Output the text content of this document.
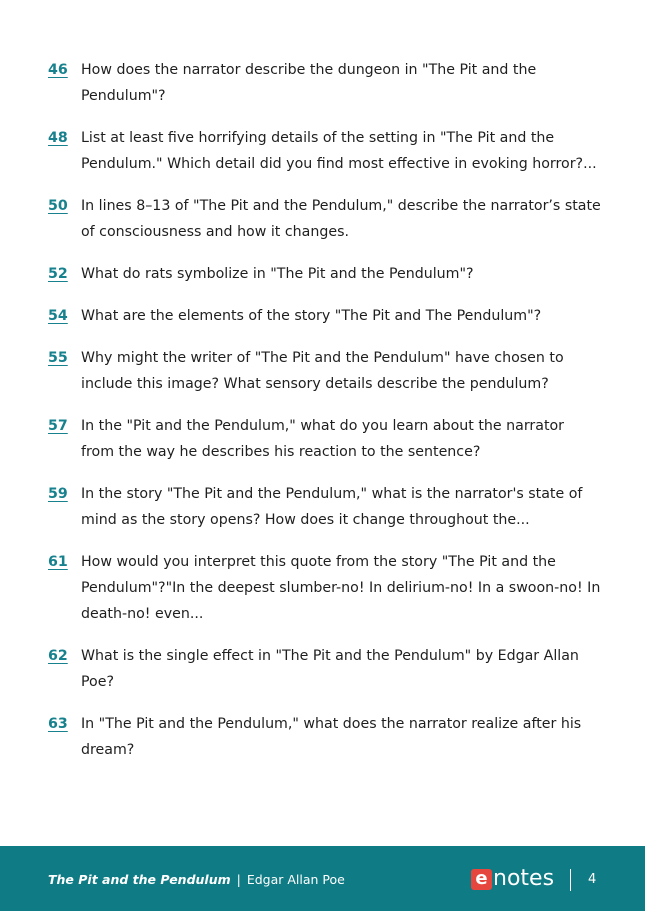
46 How does the narrator describe the dungeon in "The Pit and the Pendulum"?
48 List at least five horrifying details of the setting in "The Pit and the Pendulum." Which detail did you find most effective in evoking horror?...
50 In lines 8–13 of "The Pit and the Pendulum," describe the narrator’s state of consciousness and how it changes.
52 What do rats symbolize in "The Pit and the Pendulum"?
54 What are the elements of the story "The Pit and The Pendulum"?
55 Why might the writer of "The Pit and the Pendulum" have chosen to include this image? What sensory details describe the pendulum?
57 In the "Pit and the Pendulum," what do you learn about the narrator from the way he describes his reaction to the sentence?
59 In the story "The Pit and the Pendulum," what is the narrator's state of mind as the story opens? How does it change throughout the...
61 How would you interpret this quote from the story "The Pit and the Pendulum"?"In the deepest slumber-no! In delirium-no! In a swoon-no! In death-no! even...
62 What is the single effect in "The Pit and the Pendulum" by Edgar Allan Poe?
63 In "The Pit and the Pendulum," what does the narrator realize after his dream?
The Pit and the Pendulum | Edgar Allan Poe	e notes	4
